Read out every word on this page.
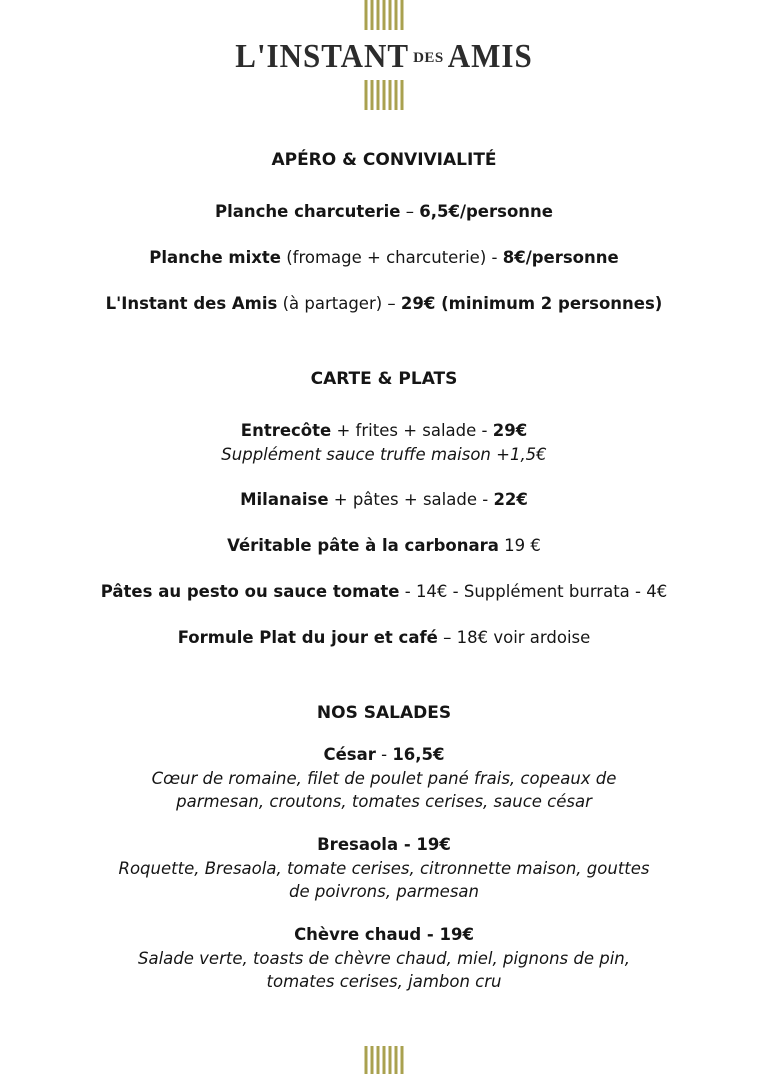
L'INSTANT DES AMIS

APÉRO & CONVIVIALITÉ

Planche charcuterie – 6,5€/personne

Planche mixte (fromage + charcuterie) - 8€/personne

L'Instant des Amis (à partager) – 29€ (minimum 2 personnes)

CARTE & PLATS

Entrecôte + frites + salade - 29€

Supplément sauce truffe maison +1,5€

Milanaise + pâtes + salade - 22€

Véritable pâte à la carbonara 19 €

Pâtes au pesto ou sauce tomate - 14€ - Supplément burrata - 4€

Formule Plat du jour et café – 18€ voir ardoise

NOS SALADES

César - 16,5€

Cœur de romaine, filet de poulet pané frais, copeaux de

parmesan, croutons, tomates cerises, sauce césar

Bresaola - 19€

Roquette, Bresaola, tomate cerises, citronnette maison, gouttes

de poivrons, parmesan

Chèvre chaud - 19€

Salade verte, toasts de chèvre chaud, miel, pignons de pin,

tomates cerises, jambon cru
